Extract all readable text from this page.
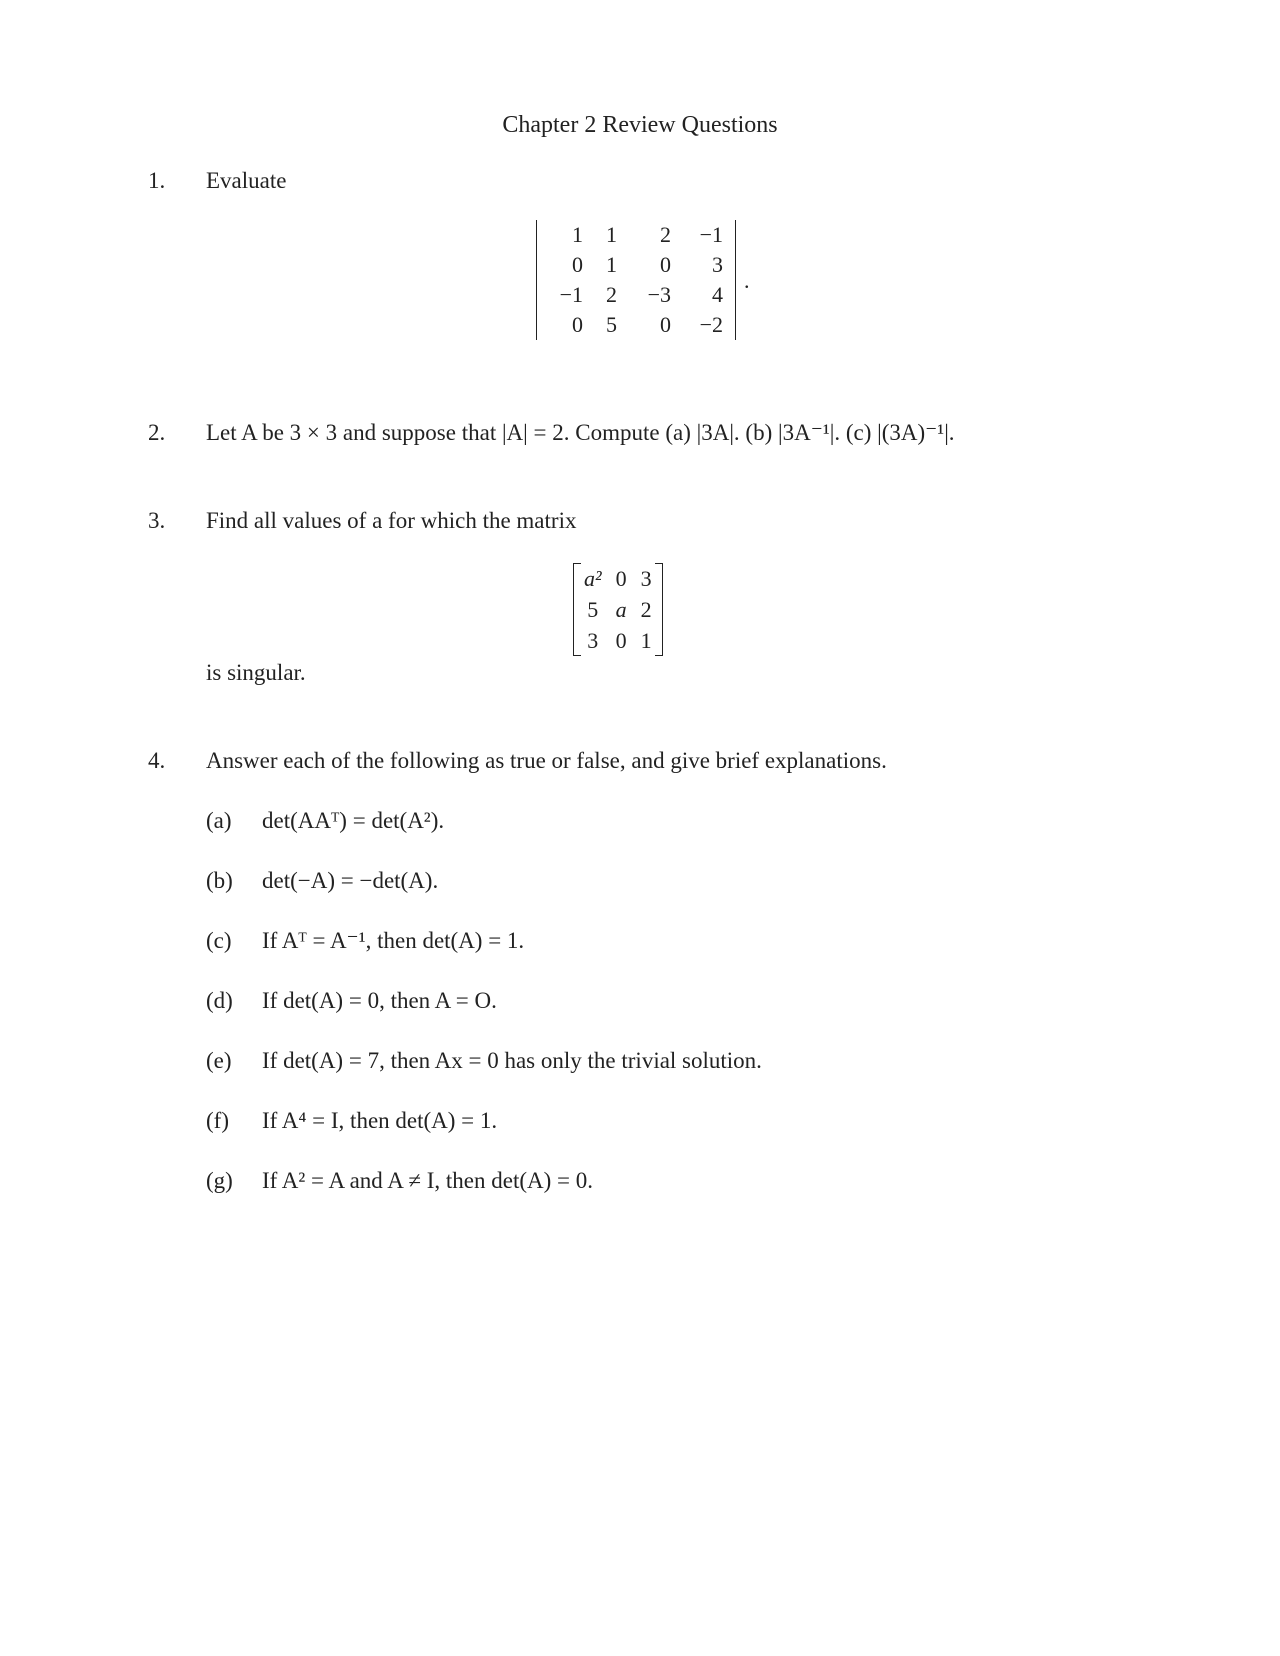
Chapter 2 Review Questions
1. Evaluate
1	1	2	−1
0	1	0	3
−1	2	−3	4
0	5	0	−2
.
2. Let A be 3 × 3 and suppose that |A| = 2. Compute (a) |3A|. (b) |3A⁻¹|. (c) |(3A)⁻¹|.
3. Find all values of a for which the matrix
a²	0	3
5	a	2
3	0	1
is singular.
4. Answer each of the following as true or false, and give brief explanations.
(a) det(AAᵀ) = det(A²).
(b) det(−A) = −det(A).
(c) If Aᵀ = A⁻¹, then det(A) = 1.
(d) If det(A) = 0, then A = O.
(e) If det(A) = 7, then Ax = 0 has only the trivial solution.
(f) If A⁴ = I, then det(A) = 1.
(g) If A² = A and A ≠ I, then det(A) = 0.
